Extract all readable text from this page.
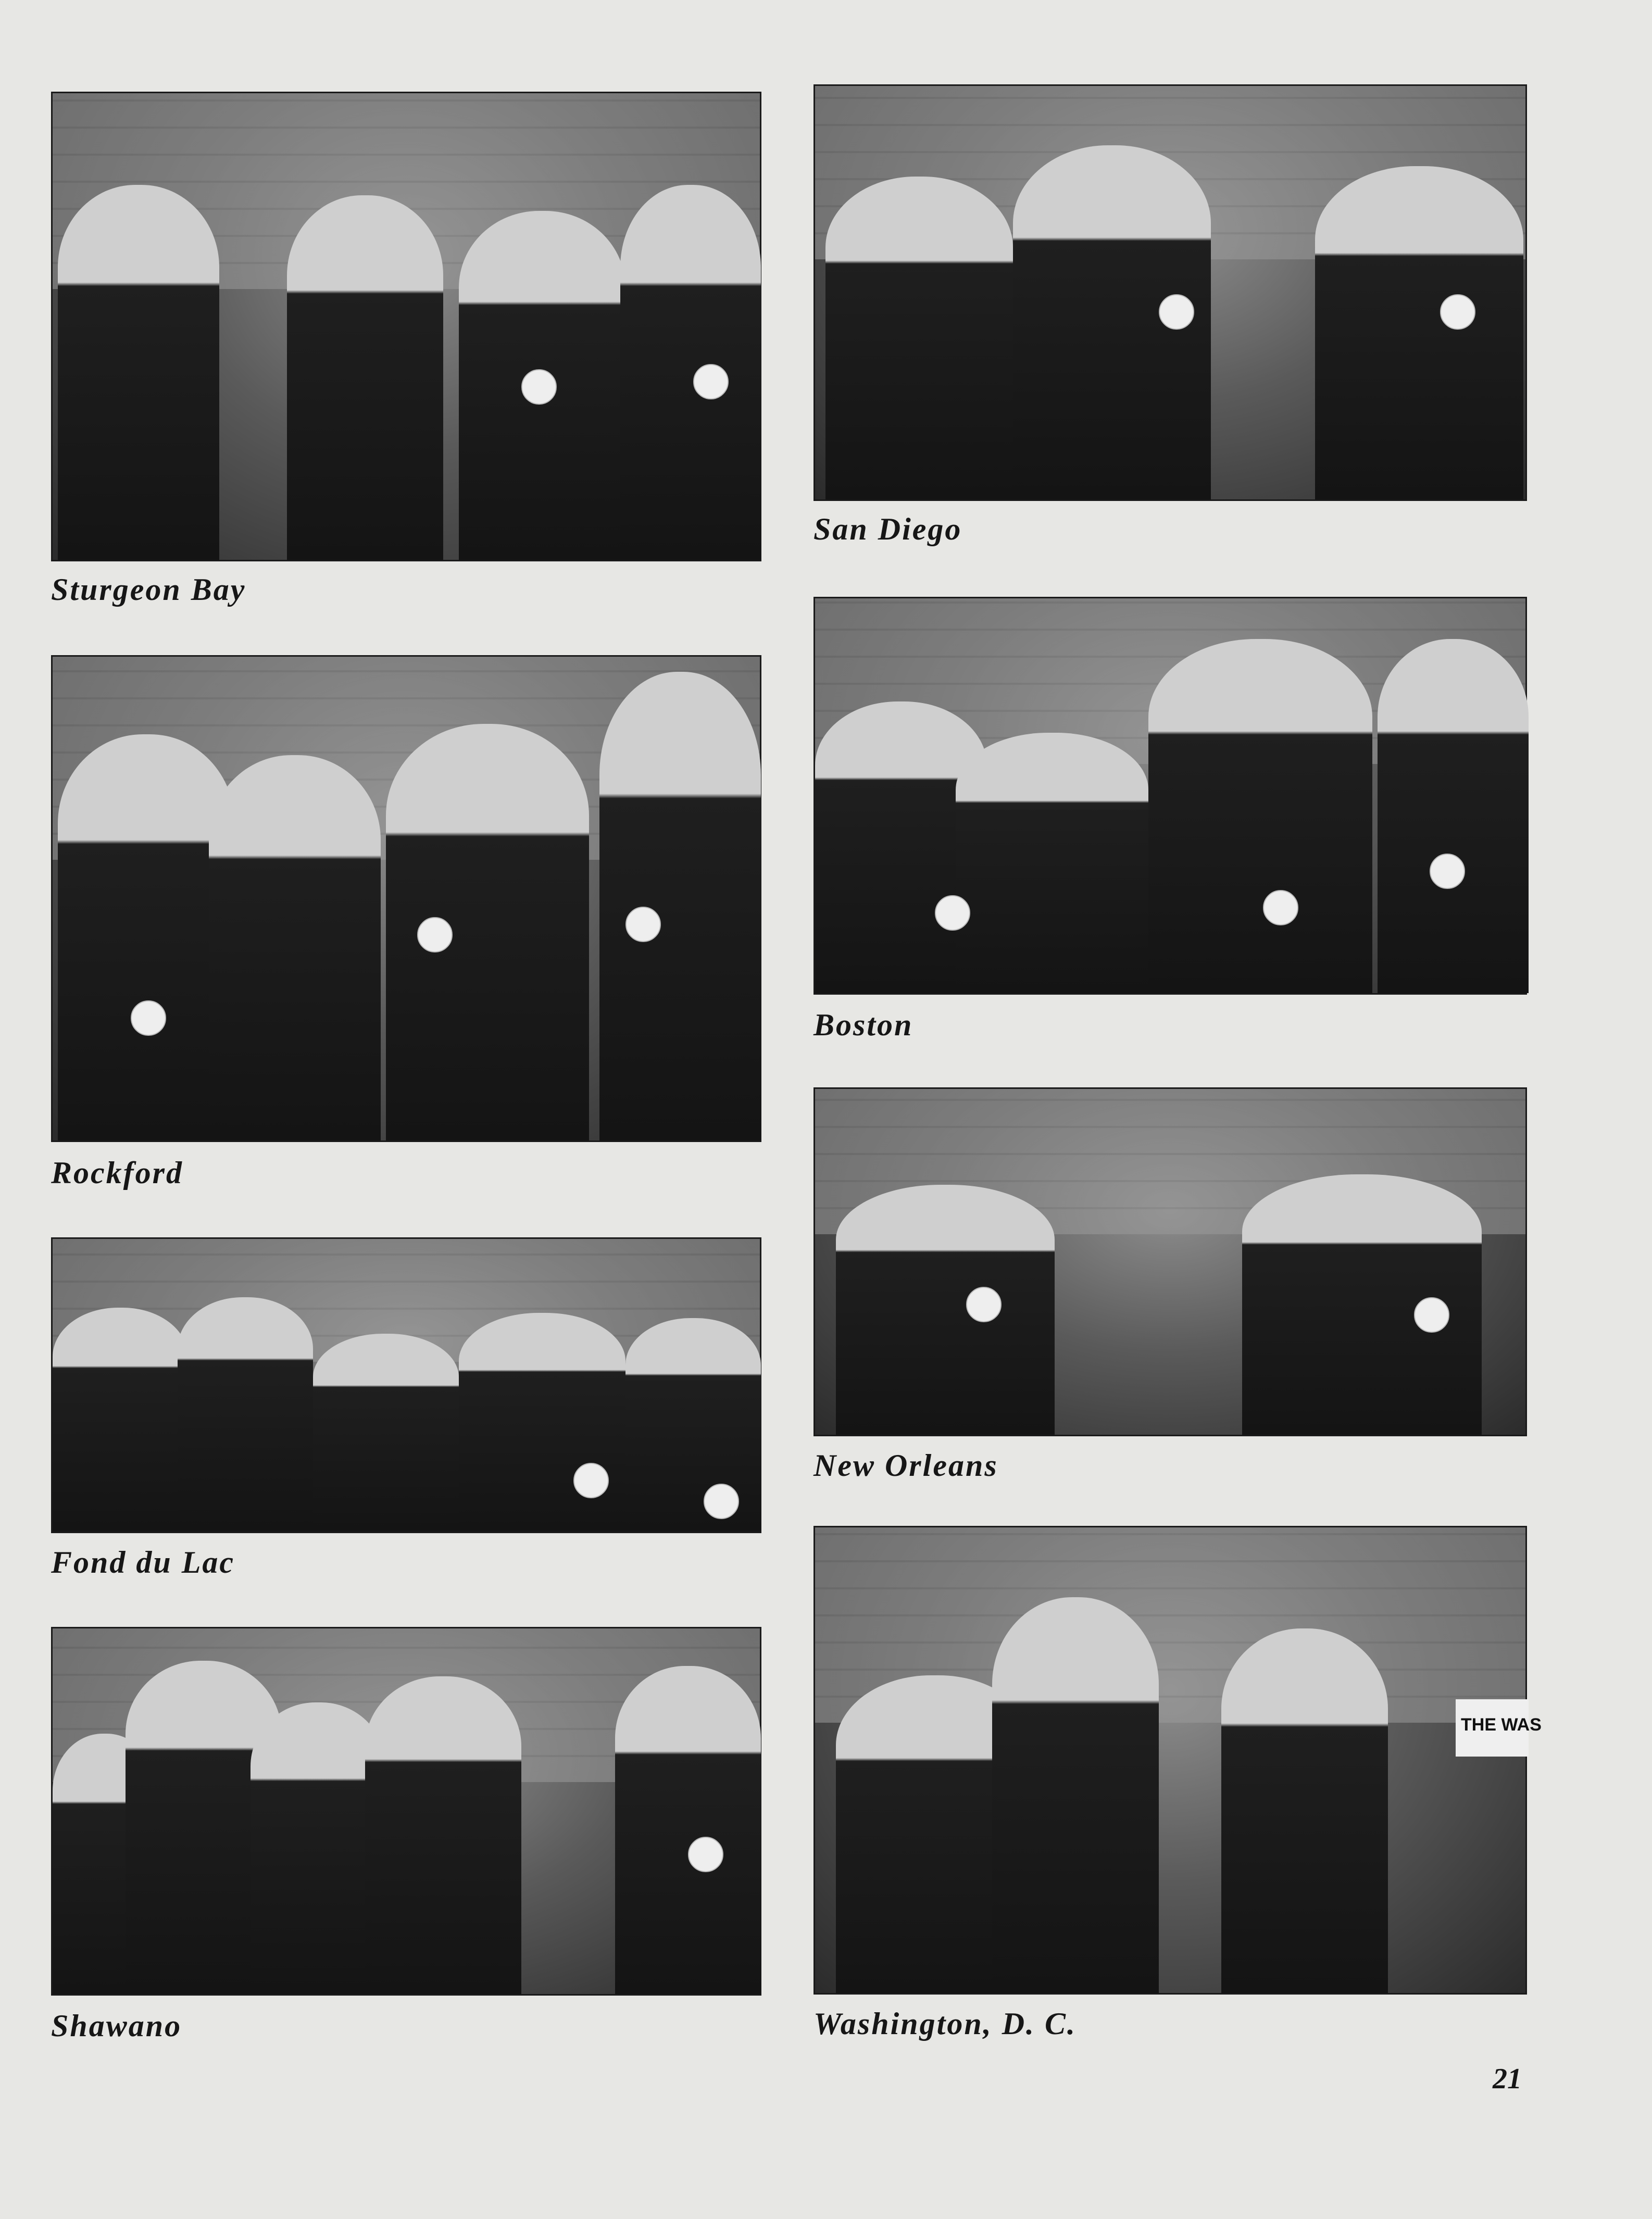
Sturgeon Bay
Rockford
Fond du Lac
Shawano
San Diego
Boston
New Orleans
THE WAS
Washington, D. C.
21
